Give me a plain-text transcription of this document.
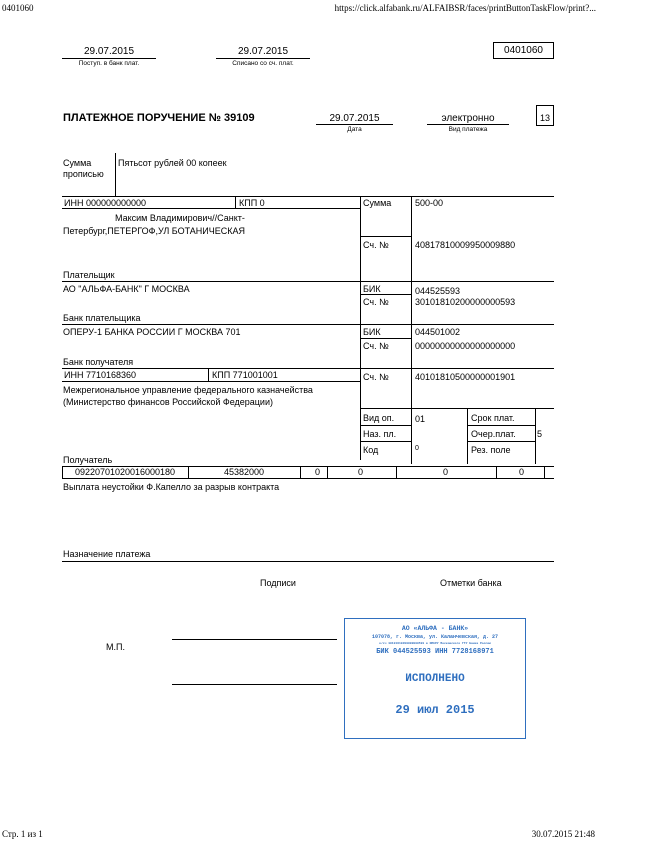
0401060	https://click.alfabank.ru/ALFAIBSR/faces/printButtonTaskFlow/print?...
Стр. 1 из 1	30.07.2015 21:48
29.07.2015
Поступ. в банк плат.
29.07.2015
Списано со сч. плат.
0401060
ПЛАТЕЖНОЕ ПОРУЧЕНИЕ № 39109	29.07.2015
Дата
электронно
Вид платежа
13
Сумма
прописью
Пятьсот рублей 00 копеек
ИНН 000000000000	КПП 0	Сумма	500-00
Максим Владимирович//Санкт-
Петербург,ПЕТЕРГОФ,УЛ БОТАНИЧЕСКАЯ
Сч. №	40817810009950009880
Плательщик
АО "АЛЬФА-БАНК" Г МОСКВА	БИК	044525593
Сч. №	30101810200000000593
Банк плательщика
ОПЕРУ-1 БАНКА РОССИИ Г МОСКВА 701	БИК	044501002
Сч. №	00000000000000000000
Банк получателя
ИНН 7710168360	КПП 771001001	Сч. №	40101810500000001901
Межрегиональное управление федерального казначейства
(Министерство финансов Российской Федерации)
Вид оп. 01	Срок плат.
Наз. пл.	Очер.плат. 5
Код	0	Рез. поле
Получатель
09220701020016000180	45382000	0	0	0	0
Выплата неустойки Ф.Капелло за разрыв контракта
Назначение платежа
Подписи	Отметки банка
М.П.
АО «АЛЬФА - БАНК»
107078, г. Москва, ул. Каланчевская, д. 27
к/сч 30101810200000000593 в ОПЕРУ Московского ГТУ Банка России
БИК 044525593 ИНН 7728168971
ИСПОЛНЕНО
29 июл 2015
